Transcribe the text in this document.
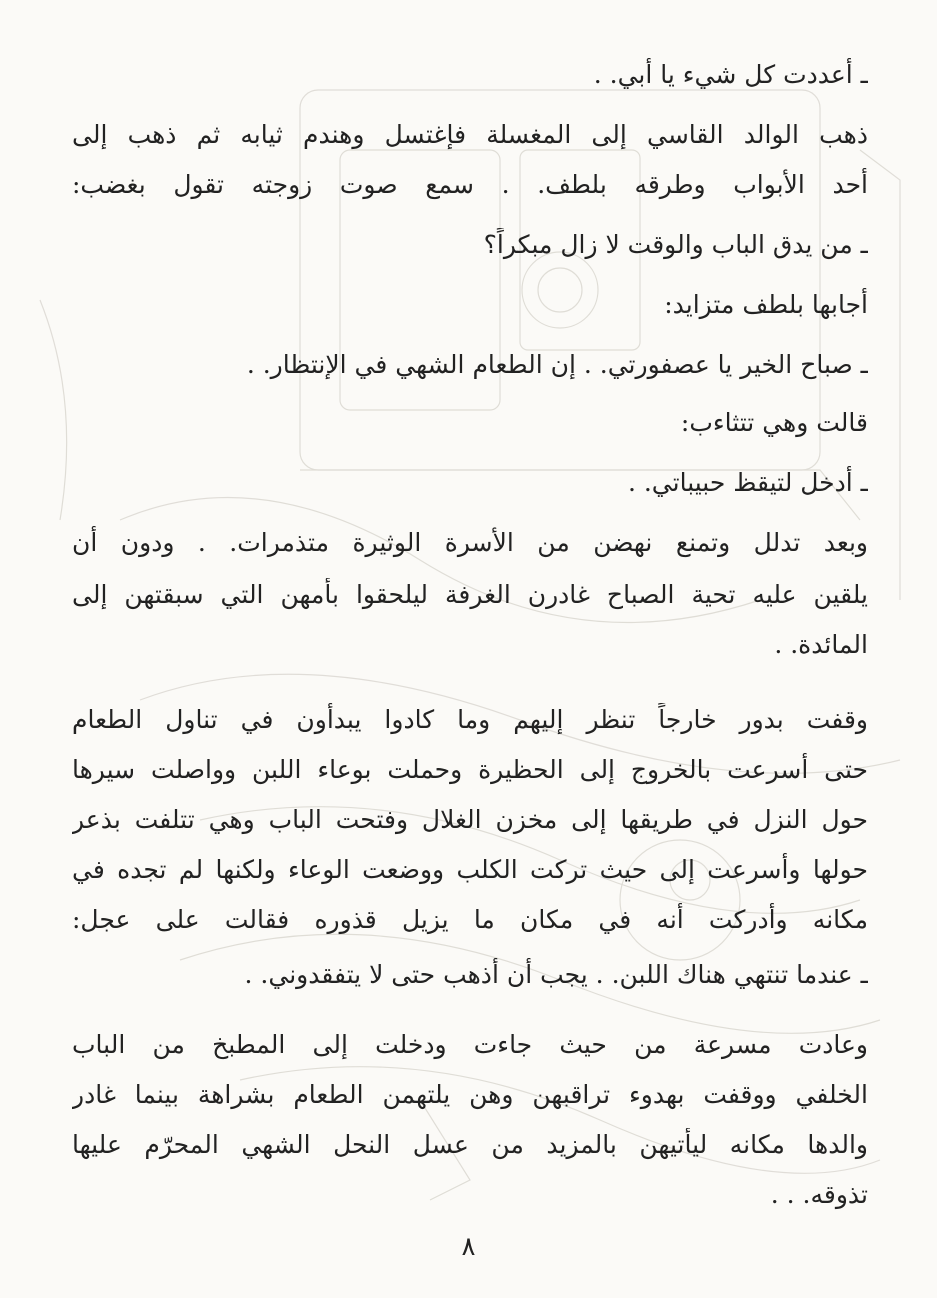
ـ أعددت كل شيء يا أبي. .
ذهب الوالد القاسي إلى المغسلة فإغتسل وهندم ثيابه ثم ذهب إلى
أحد الأبواب وطرقه بلطف. . سمع صوت زوجته تقول بغضب:
ـ من يدق الباب والوقت لا زال مبكراً؟
أجابها بلطف متزايد:
ـ صباح الخير يا عصفورتي. . إن الطعام الشهي في الإنتظار. .
قالت وهي تتثاءب:
ـ أدخل لتيقظ حبيباتي. .
وبعد تدلل وتمنع نهضن من الأسرة الوثيرة متذمرات. . ودون أن
يلقين عليه تحية الصباح غادرن الغرفة ليلحقوا بأمهن التي سبقتهن إلى
المائدة. .
وقفت بدور خارجاً تنظر إليهم وما كادوا يبدأون في تناول الطعام
حتى أسرعت بالخروج إلى الحظيرة وحملت بوعاء اللبن وواصلت سيرها
حول النزل في طريقها إلى مخزن الغلال وفتحت الباب وهي تتلفت بذعر
حولها وأسرعت إلى حيث تركت الكلب ووضعت الوعاء ولكنها لم تجده في
مكانه وأدركت أنه في مكان ما يزيل قذوره فقالت على عجل:
ـ عندما تنتهي هناك اللبن. . يجب أن أذهب حتى لا يتفقدوني. .
وعادت مسرعة من حيث جاءت ودخلت إلى المطبخ من الباب
الخلفي ووقفت بهدوء تراقبهن وهن يلتهمن الطعام بشراهة بينما غادر
والدها مكانه ليأتيهن بالمزيد من عسل النحل الشهي المحرّم عليها
تذوقه. . .
٨
